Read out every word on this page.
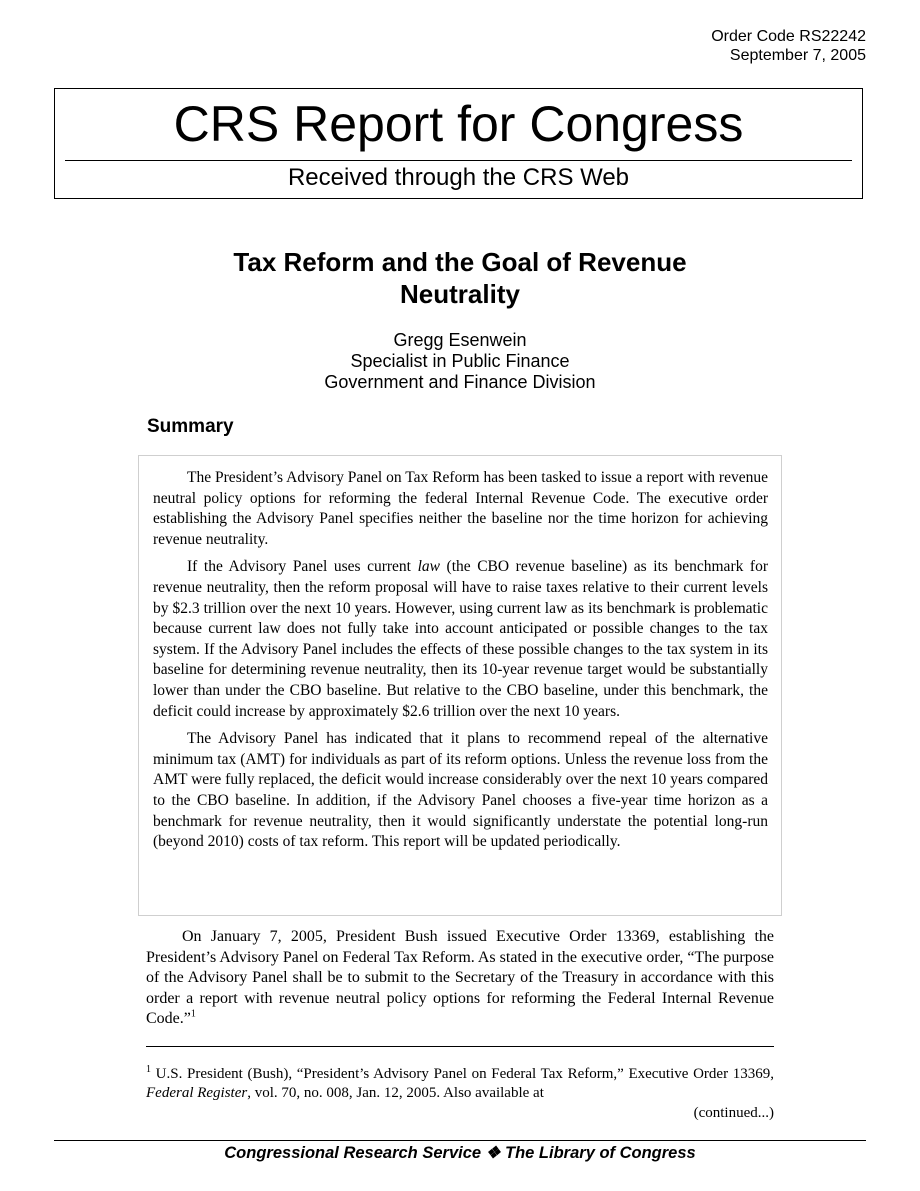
Order Code RS22242
September 7, 2005
CRS Report for Congress
Received through the CRS Web
Tax Reform and the Goal of Revenue
Neutrality
Gregg Esenwein
Specialist in Public Finance
Government and Finance Division
Summary

The President’s Advisory Panel on Tax Reform has been tasked to issue a report with revenue neutral policy options for reforming the federal Internal Revenue Code. The executive order establishing the Advisory Panel specifies neither the baseline nor the time horizon for achieving revenue neutrality.

If the Advisory Panel uses current law (the CBO revenue baseline) as its benchmark for revenue neutrality, then the reform proposal will have to raise taxes relative to their current levels by $2.3 trillion over the next 10 years. However, using current law as its benchmark is problematic because current law does not fully take into account anticipated or possible changes to the tax system. If the Advisory Panel includes the effects of these possible changes to the tax system in its baseline for determining revenue neutrality, then its 10-year revenue target would be substantially lower than under the CBO baseline. But relative to the CBO baseline, under this benchmark, the deficit could increase by approximately $2.6 trillion over the next 10 years.

The Advisory Panel has indicated that it plans to recommend repeal of the alternative minimum tax (AMT) for individuals as part of its reform options. Unless the revenue loss from the AMT were fully replaced, the deficit would increase considerably over the next 10 years compared to the CBO baseline. In addition, if the Advisory Panel chooses a five-year time horizon as a benchmark for revenue neutrality, then it would significantly understate the potential long-run (beyond 2010) costs of tax reform. This report will be updated periodically.

On January 7, 2005, President Bush issued Executive Order 13369, establishing the President’s Advisory Panel on Federal Tax Reform. As stated in the executive order, “The purpose of the Advisory Panel shall be to submit to the Secretary of the Treasury in accordance with this order a report with revenue neutral policy options for reforming the Federal Internal Revenue Code.”$^1$

$^1$ U.S. President (Bush), “President’s Advisory Panel on Federal Tax Reform,” Executive Order 13369, Federal Register, vol. 70, no. 008, Jan. 12, 2005. Also available at

(continued...)
Congressional Research Service ❖ The Library of Congress
